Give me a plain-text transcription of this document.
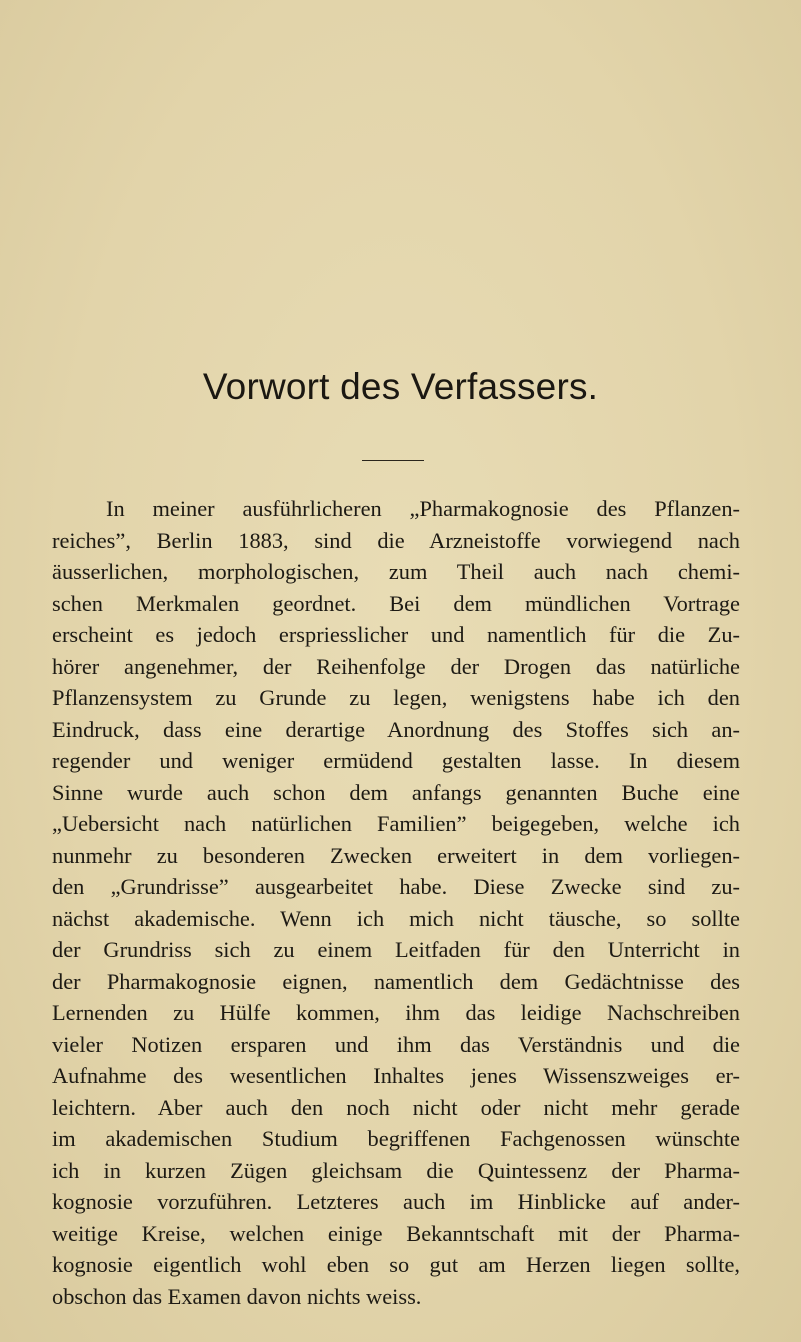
Vorwort des Verfassers.
In meiner ausführlicheren „Pharmakognosie des Pflanzen-
reiches”, Berlin 1883, sind die Arzneistoffe vorwiegend nach
äusserlichen, morphologischen, zum Theil auch nach chemi-
schen Merkmalen geordnet. Bei dem mündlichen Vortrage
erscheint es jedoch erspriesslicher und namentlich für die Zu-
hörer angenehmer, der Reihenfolge der Drogen das natürliche
Pflanzensystem zu Grunde zu legen, wenigstens habe ich den
Eindruck, dass eine derartige Anordnung des Stoffes sich an-
regender und weniger ermüdend gestalten lasse. In diesem
Sinne wurde auch schon dem anfangs genannten Buche eine
„Uebersicht nach natürlichen Familien” beigegeben, welche ich
nunmehr zu besonderen Zwecken erweitert in dem vorliegen-
den „Grundrisse” ausgearbeitet habe. Diese Zwecke sind zu-
nächst akademische. Wenn ich mich nicht täusche, so sollte
der Grundriss sich zu einem Leitfaden für den Unterricht in
der Pharmakognosie eignen, namentlich dem Gedächtnisse des
Lernenden zu Hülfe kommen, ihm das leidige Nachschreiben
vieler Notizen ersparen und ihm das Verständnis und die
Aufnahme des wesentlichen Inhaltes jenes Wissenszweiges er-
leichtern. Aber auch den noch nicht oder nicht mehr gerade
im akademischen Studium begriffenen Fachgenossen wünschte
ich in kurzen Zügen gleichsam die Quintessenz der Pharma-
kognosie vorzuführen. Letzteres auch im Hinblicke auf ander-
weitige Kreise, welchen einige Bekanntschaft mit der Pharma-
kognosie eigentlich wohl eben so gut am Herzen liegen sollte,
obschon das Examen davon nichts weiss.
